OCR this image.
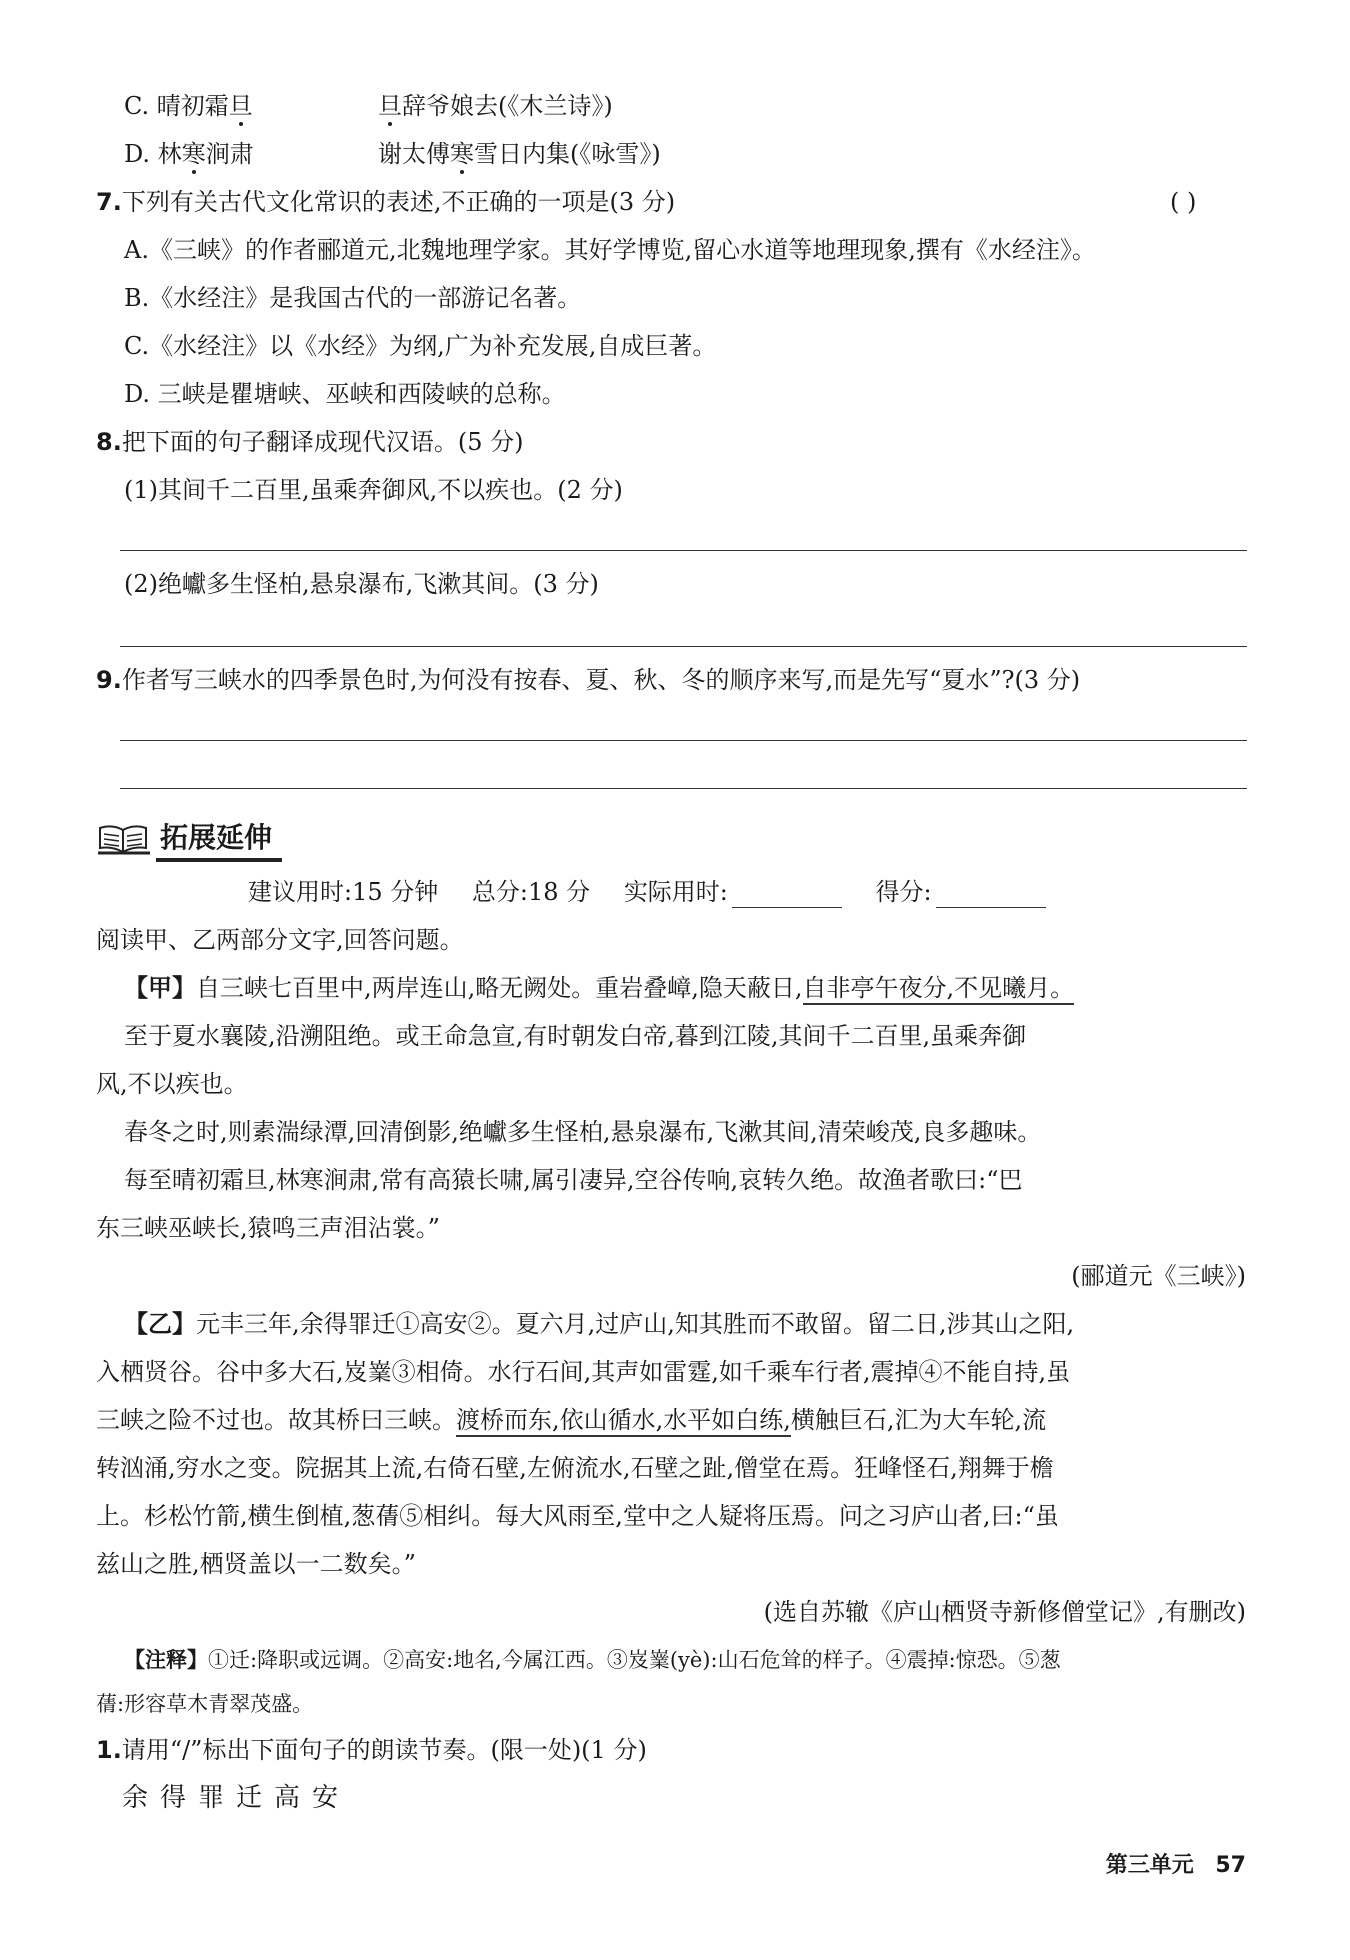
C. 晴初霜旦	旦辞爷娘去(《木兰诗》)
D. 林寒涧肃	谢太傅寒雪日内集(《咏雪》)
7.下列有关古代文化常识的表述,不正确的一项是(3 分)	( )
A.《三峡》的作者郦道元,北魏地理学家。其好学博览,留心水道等地理现象,撰有《水经注》。
B.《水经注》是我国古代的一部游记名著。
C.《水经注》以《水经》为纲,广为补充发展,自成巨著。
D. 三峡是瞿塘峡、巫峡和西陵峡的总称。
8.把下面的句子翻译成现代汉语。(5 分)
(1)其间千二百里,虽乘奔御风,不以疾也。(2 分)
(2)绝巘多生怪柏,悬泉瀑布,飞漱其间。(3 分)
9.作者写三峡水的四季景色时,为何没有按春、夏、秋、冬的顺序来写,而是先写“夏水”?(3 分)
拓展延伸
建议用时:15 分钟 总分:18 分 实际用时:	得分:
阅读甲、乙两部分文字,回答问题。
【甲】自三峡七百里中,两岸连山,略无阙处。重岩叠嶂,隐天蔽日,自非亭午夜分,不见曦月。
至于夏水襄陵,沿溯阻绝。或王命急宣,有时朝发白帝,暮到江陵,其间千二百里,虽乘奔御
风,不以疾也。
春冬之时,则素湍绿潭,回清倒影,绝巘多生怪柏,悬泉瀑布,飞漱其间,清荣峻茂,良多趣味。
每至晴初霜旦,林寒涧肃,常有高猿长啸,属引凄异,空谷传响,哀转久绝。故渔者歌曰:“巴
东三峡巫峡长,猿鸣三声泪沾裳。”
(郦道元《三峡》)
【乙】元丰三年,余得罪迁①高安②。夏六月,过庐山,知其胜而不敢留。留二日,涉其山之阳,
入栖贤谷。谷中多大石,岌嶪③相倚。水行石间,其声如雷霆,如千乘车行者,震掉④不能自持,虽
三峡之险不过也。故其桥曰三峡。渡桥而东,依山循水,水平如白练,横触巨石,汇为大车轮,流
转汹涌,穷水之变。院据其上流,右倚石壁,左俯流水,石壁之趾,僧堂在焉。狂峰怪石,翔舞于檐
上。杉松竹箭,横生倒植,葱蒨⑤相纠。每大风雨至,堂中之人疑将压焉。问之习庐山者,曰:“虽
兹山之胜,栖贤盖以一二数矣。”
(选自苏辙《庐山栖贤寺新修僧堂记》,有删改)
【注释】①迁:降职或远调。②高安:地名,今属江西。③岌嶪(yè):山石危耸的样子。④震掉:惊恐。⑤葱
蒨:形容草木青翠茂盛。
1.请用“/”标出下面句子的朗读节奏。(限一处)(1 分)
余得罪迁高安
第三单元 57
